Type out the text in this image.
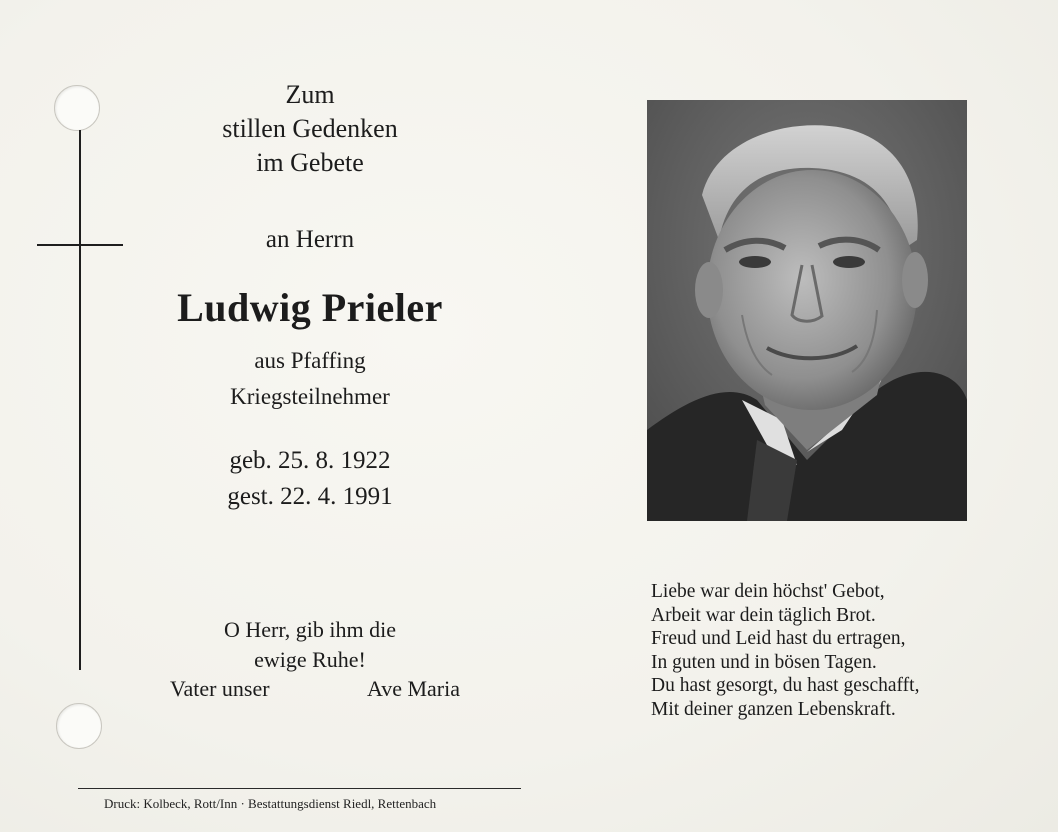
Zum
stillen Gedenken
im Gebete
an Herrn
Ludwig Prieler
aus Pfaffing
Kriegsteilnehmer
geb. 25. 8. 1922
gest. 22. 4. 1991
O Herr, gib ihm die
ewige Ruhe!
Vater unser	Ave Maria
Liebe war dein höchst' Gebot,
Arbeit war dein täglich Brot.
Freud und Leid hast du ertragen,
In guten und in bösen Tagen.
Du hast gesorgt, du hast geschafft,
Mit deiner ganzen Lebenskraft.
Druck: Kolbeck, Rott/Inn · Bestattungsdienst Riedl, Rettenbach
